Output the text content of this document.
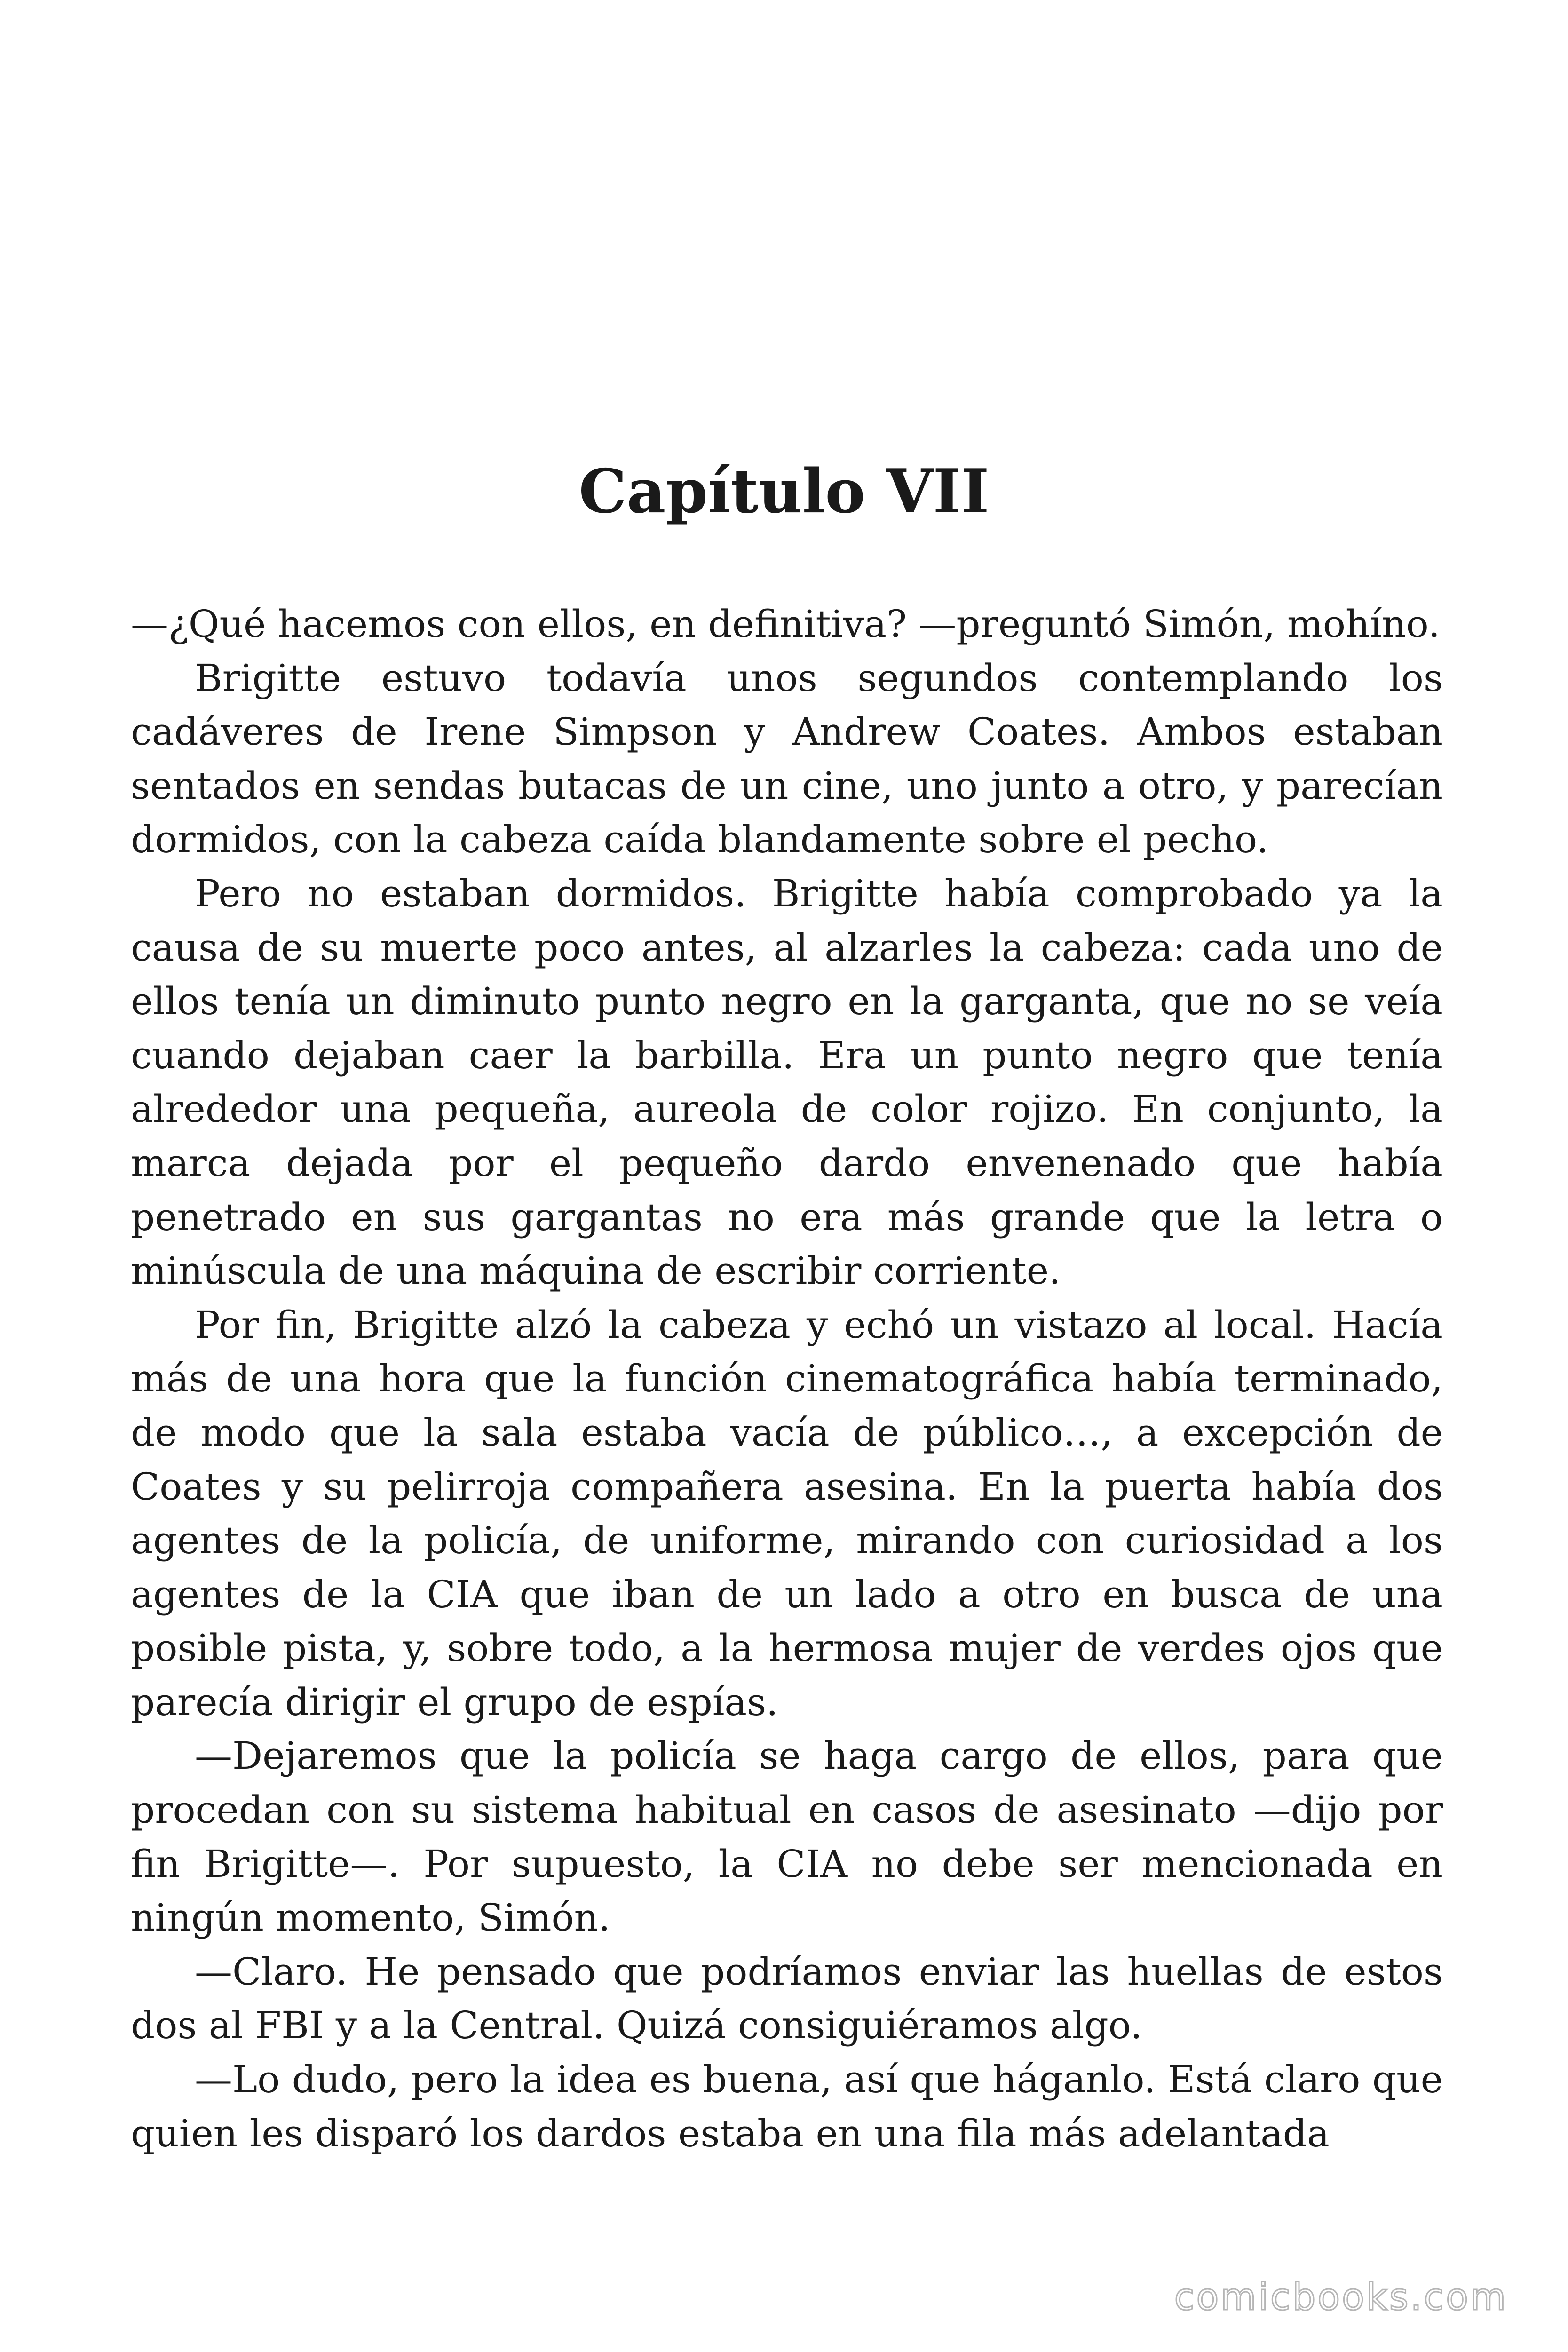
Capítulo VII

—¿Qué hacemos con ellos, en definitiva? —preguntó Simón, mohíno.

Brigitte estuvo todavía unos segundos contemplando los cadáveres de Irene Simpson y Andrew Coates. Ambos estaban sentados en sendas butacas de un cine, uno junto a otro, y parecían dormidos, con la cabeza caída blandamente sobre el pecho.

Pero no estaban dormidos. Brigitte había comprobado ya la causa de su muerte poco antes, al alzarles la cabeza: cada uno de ellos tenía un diminuto punto negro en la garganta, que no se veía cuando dejaban caer la barbilla. Era un punto negro que tenía alrededor una pequeña, aureola de color rojizo. En conjunto, la marca dejada por el pequeño dardo envenenado que había penetrado en sus gargantas no era más grande que la letra o minúscula de una máquina de escribir corriente.

Por fin, Brigitte alzó la cabeza y echó un vistazo al local. Hacía más de una hora que la función cinematográfica había terminado, de modo que la sala estaba vacía de público…, a excepción de Coates y su pelirroja compañera asesina. En la puerta había dos agentes de la policía, de uniforme, mirando con curiosidad a los agentes de la CIA que iban de un lado a otro en busca de una posible pista, y, sobre todo, a la hermosa mujer de verdes ojos que parecía dirigir el grupo de espías.

—Dejaremos que la policía se haga cargo de ellos, para que procedan con su sistema habitual en casos de asesinato —dijo por fin Brigitte—. Por supuesto, la CIA no debe ser mencionada en ningún momento, Simón.

—Claro. He pensado que podríamos enviar las huellas de estos dos al FBI y a la Central. Quizá consiguiéramos algo.

—Lo dudo, pero la idea es buena, así que háganlo. Está claro que quien les disparó los dardos estaba en una fila más adelantada

comicbooks.com
